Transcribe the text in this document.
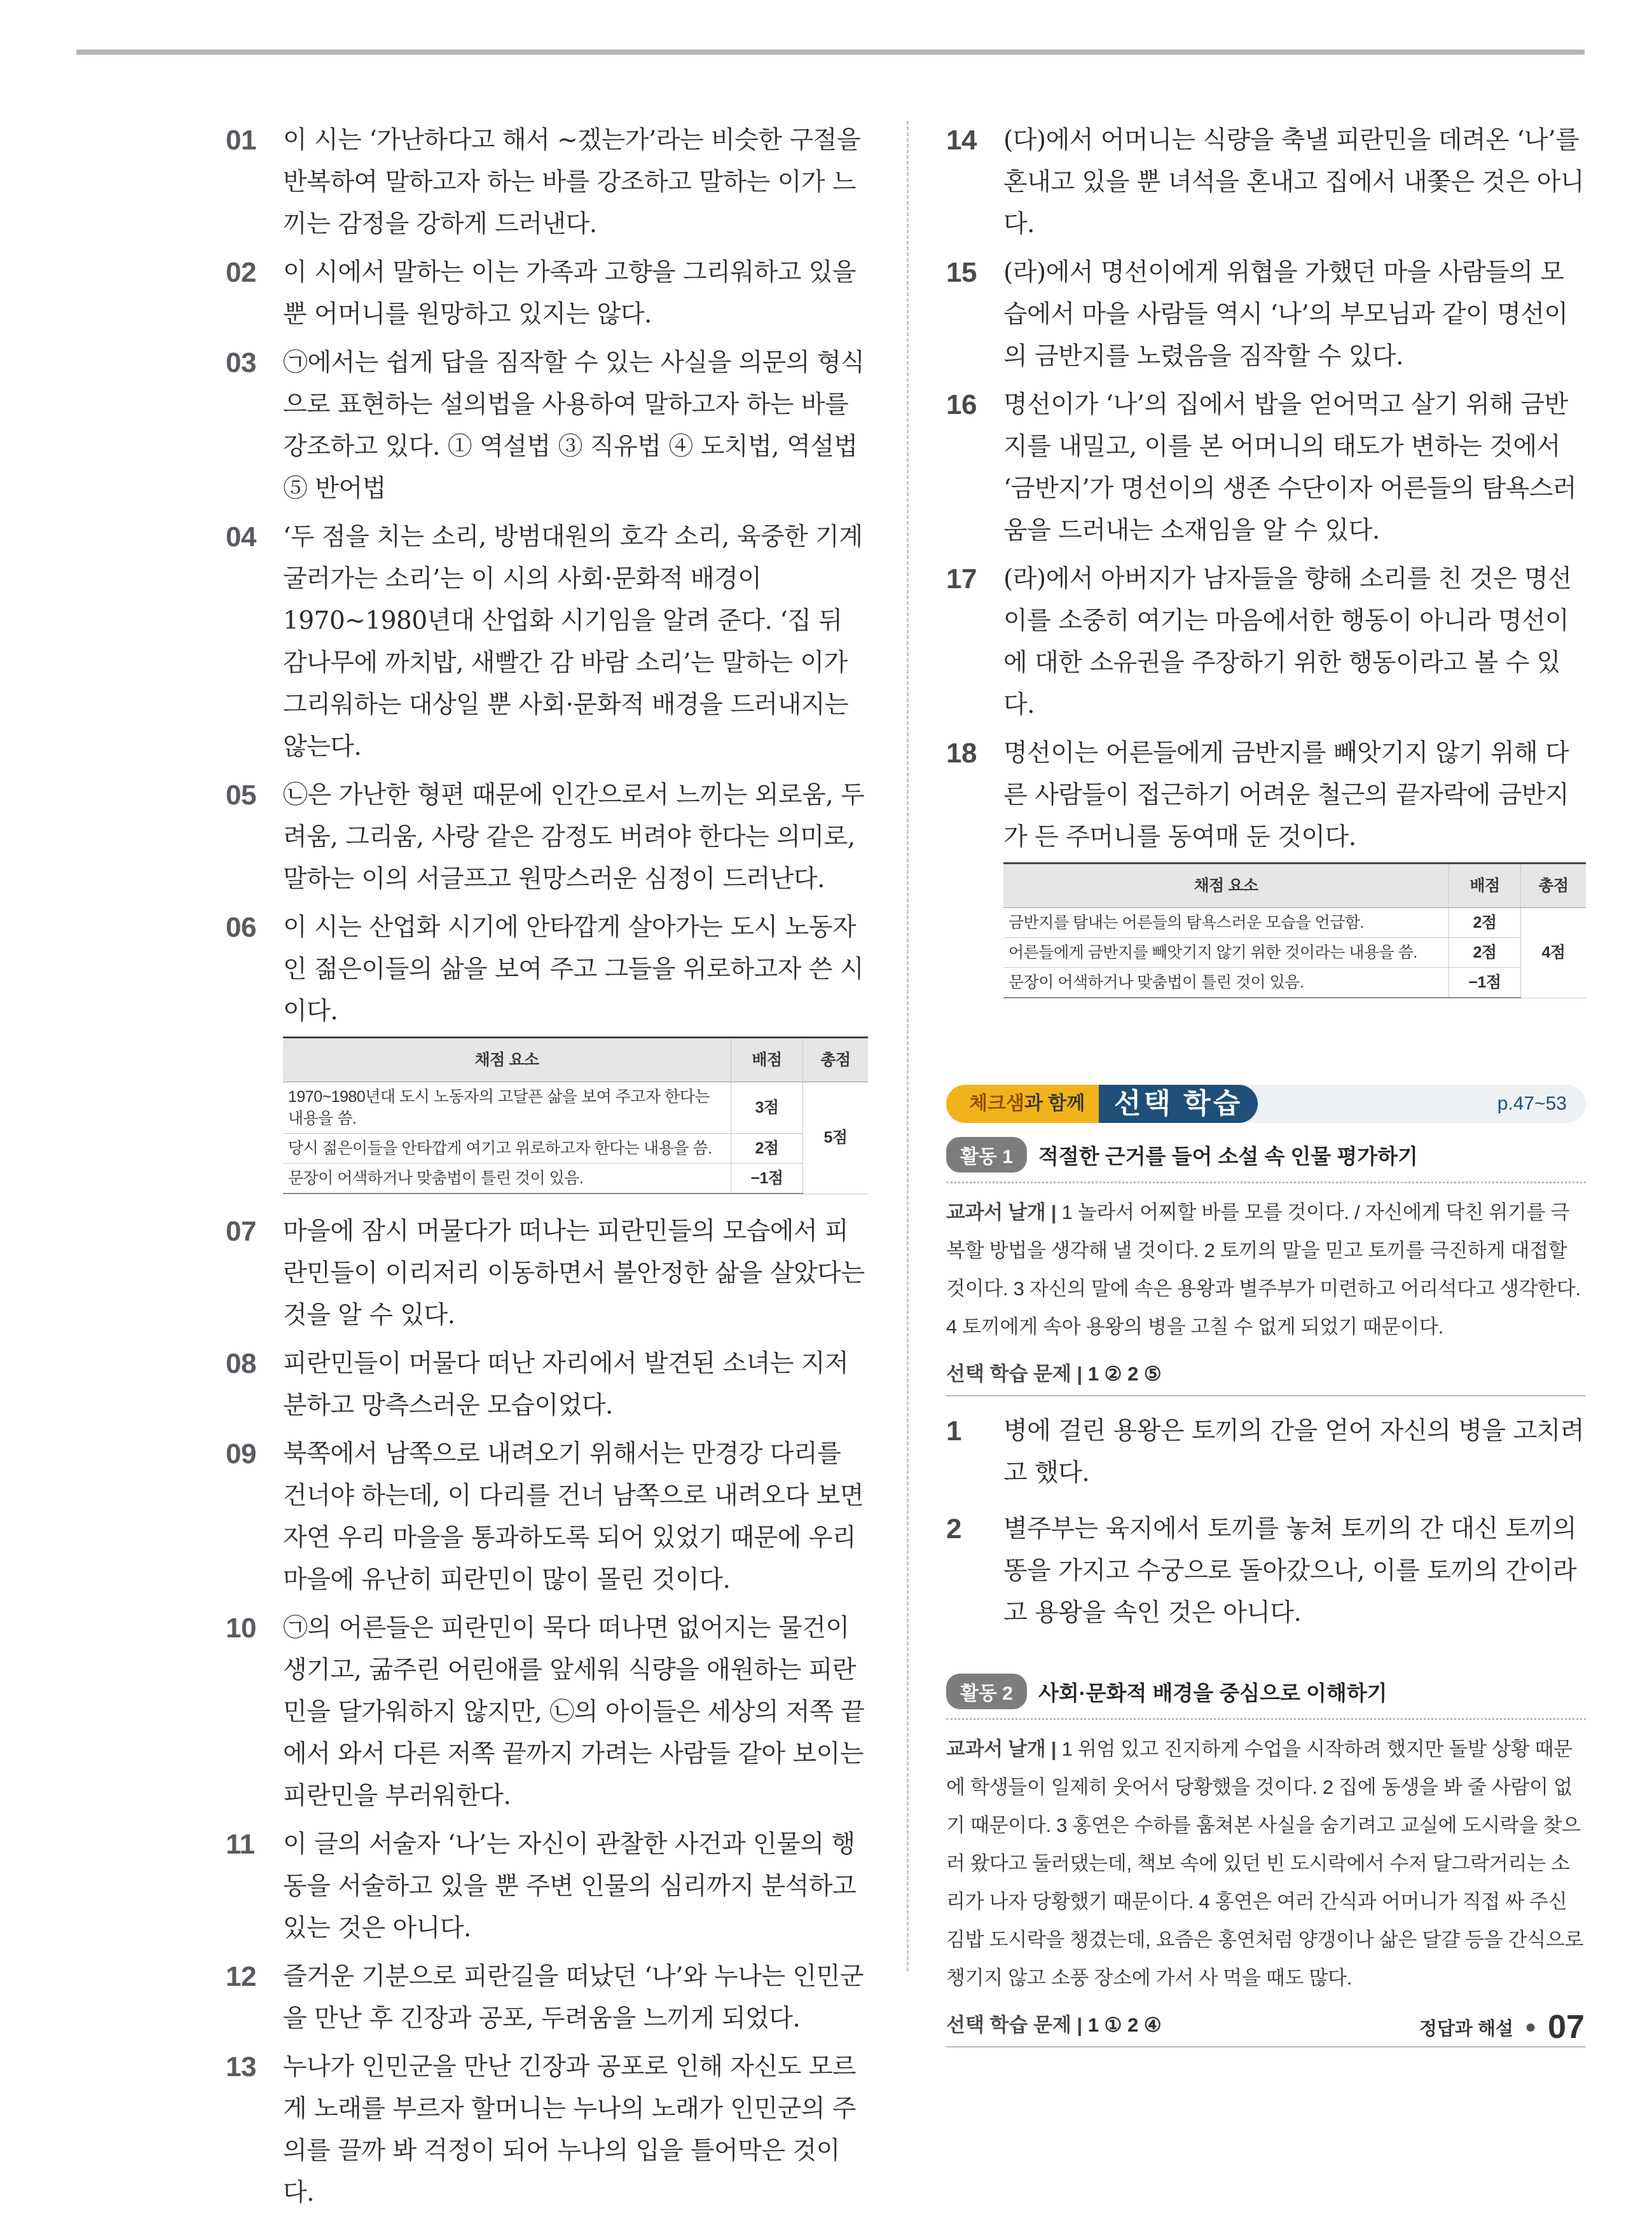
01 이 시는 ‘가난하다고 해서 ~겠는가’라는 비슷한 구절을 반복하여 말하고자 하는 바를 강조하고 말하는 이가 느끼는 감정을 강하게 드러낸다.
02 이 시에서 말하는 이는 가족과 고향을 그리워하고 있을 뿐 어머니를 원망하고 있지는 않다.
03 ㉠에서는 쉽게 답을 짐작할 수 있는 사실을 의문의 형식으로 표현하는 설의법을 사용하여 말하고자 하는 바를 강조하고 있다. ① 역설법 ③ 직유법 ④ 도치법, 역설법 ⑤ 반어법
04 ‘두 점을 치는 소리, 방범대원의 호각 소리, 육중한 기계 굴러가는 소리’는 이 시의 사회·문화적 배경이 1970~1980년대 산업화 시기임을 알려 준다. ‘집 뒤 감나무에 까치밥, 새빨간 감 바람 소리’는 말하는 이가 그리워하는 대상일 뿐 사회·문화적 배경을 드러내지는 않는다.
05 ㉡은 가난한 형편 때문에 인간으로서 느끼는 외로움, 두려움, 그리움, 사랑 같은 감정도 버려야 한다는 의미로, 말하는 이의 서글프고 원망스러운 심정이 드러난다.
06 이 시는 산업화 시기에 안타깝게 살아가는 도시 노동자인 젊은이들의 삶을 보여 주고 그들을 위로하고자 쓴 시이다.
채점 요소	배점	총점
1970~1980년대 도시 노동자의 고달픈 삶을 보여 주고자 한다는 내용을 씀.	3점	5점
당시 젊은이들을 안타깝게 여기고 위로하고자 한다는 내용을 씀.	2점	
문장이 어색하거나 맞춤법이 틀린 것이 있음.	−1점	
07 마을에 잠시 머물다가 떠나는 피란민들의 모습에서 피란민들이 이리저리 이동하면서 불안정한 삶을 살았다는 것을 알 수 있다.
08 피란민들이 머물다 떠난 자리에서 발견된 소녀는 지저분하고 망측스러운 모습이었다.
09 북쪽에서 남쪽으로 내려오기 위해서는 만경강 다리를 건너야 하는데, 이 다리를 건너 남쪽으로 내려오다 보면 자연 우리 마을을 통과하도록 되어 있었기 때문에 우리 마을에 유난히 피란민이 많이 몰린 것이다.
10 ㉠의 어른들은 피란민이 묵다 떠나면 없어지는 물건이 생기고, 굶주린 어린애를 앞세워 식량을 애원하는 피란민을 달가워하지 않지만, ㉡의 아이들은 세상의 저쪽 끝에서 와서 다른 저쪽 끝까지 가려는 사람들 같아 보이는 피란민을 부러워한다.
11 이 글의 서술자 ‘나’는 자신이 관찰한 사건과 인물의 행동을 서술하고 있을 뿐 주변 인물의 심리까지 분석하고 있는 것은 아니다.
12 즐거운 기분으로 피란길을 떠났던 ‘나’와 누나는 인민군을 만난 후 긴장과 공포, 두려움을 느끼게 되었다.
13 누나가 인민군을 만난 긴장과 공포로 인해 자신도 모르게 노래를 부르자 할머니는 누나의 노래가 인민군의 주의를 끌까 봐 걱정이 되어 누나의 입을 틀어막은 것이다.
14 (다)에서 어머니는 식량을 축낼 피란민을 데려온 ‘나’를 혼내고 있을 뿐 녀석을 혼내고 집에서 내쫓은 것은 아니다.
15 (라)에서 명선이에게 위협을 가했던 마을 사람들의 모습에서 마을 사람들 역시 ‘나’의 부모님과 같이 명선이의 금반지를 노렸음을 짐작할 수 있다.
16 명선이가 ‘나’의 집에서 밥을 얻어먹고 살기 위해 금반지를 내밀고, 이를 본 어머니의 태도가 변하는 것에서 ‘금반지’가 명선이의 생존 수단이자 어른들의 탐욕스러움을 드러내는 소재임을 알 수 있다.
17 (라)에서 아버지가 남자들을 향해 소리를 친 것은 명선이를 소중히 여기는 마음에서한 행동이 아니라 명선이에 대한 소유권을 주장하기 위한 행동이라고 볼 수 있다.
18 명선이는 어른들에게 금반지를 빼앗기지 않기 위해 다른 사람들이 접근하기 어려운 철근의 끝자락에 금반지가 든 주머니를 동여매 둔 것이다.
채점 요소	배점	총점
금반지를 탐내는 어른들의 탐욕스러운 모습을 언급함.	2점	4점
어른들에게 금반지를 빼앗기지 않기 위한 것이라는 내용을 씀.	2점	
문장이 어색하거나 맞춤법이 틀린 것이 있음.	−1점	
체크샘과 함께	선택 학습	p.47~53
활동 1	적절한 근거를 들어 소설 속 인물 평가하기
교과서 날개 | 1 놀라서 어찌할 바를 모를 것이다. / 자신에게 닥친 위기를 극복할 방법을 생각해 낼 것이다. 2 토끼의 말을 믿고 토끼를 극진하게 대접할 것이다. 3 자신의 말에 속은 용왕과 별주부가 미련하고 어리석다고 생각한다. 4 토끼에게 속아 용왕의 병을 고칠 수 없게 되었기 때문이다.
선택 학습 문제 | 1 ② 2 ⑤
1 병에 걸린 용왕은 토끼의 간을 얻어 자신의 병을 고치려고 했다.
2 별주부는 육지에서 토끼를 놓쳐 토끼의 간 대신 토끼의 똥을 가지고 수궁으로 돌아갔으나, 이를 토끼의 간이라고 용왕을 속인 것은 아니다.
활동 2	사회·문화적 배경을 중심으로 이해하기
교과서 날개 | 1 위엄 있고 진지하게 수업을 시작하려 했지만 돌발 상황 때문에 학생들이 일제히 웃어서 당황했을 것이다. 2 집에 동생을 봐 줄 사람이 없기 때문이다. 3 홍연은 수하를 훔쳐본 사실을 숨기려고 교실에 도시락을 찾으러 왔다고 둘러댔는데, 책보 속에 있던 빈 도시락에서 수저 달그락거리는 소리가 나자 당황했기 때문이다. 4 홍연은 여러 간식과 어머니가 직접 싸 주신 김밥 도시락을 챙겼는데, 요즘은 홍연처럼 양갱이나 삶은 달걀 등을 간식으로 챙기지 않고 소풍 장소에 가서 사 먹을 때도 많다.
선택 학습 문제 | 1 ① 2 ④	정답과 해설 ● 07
